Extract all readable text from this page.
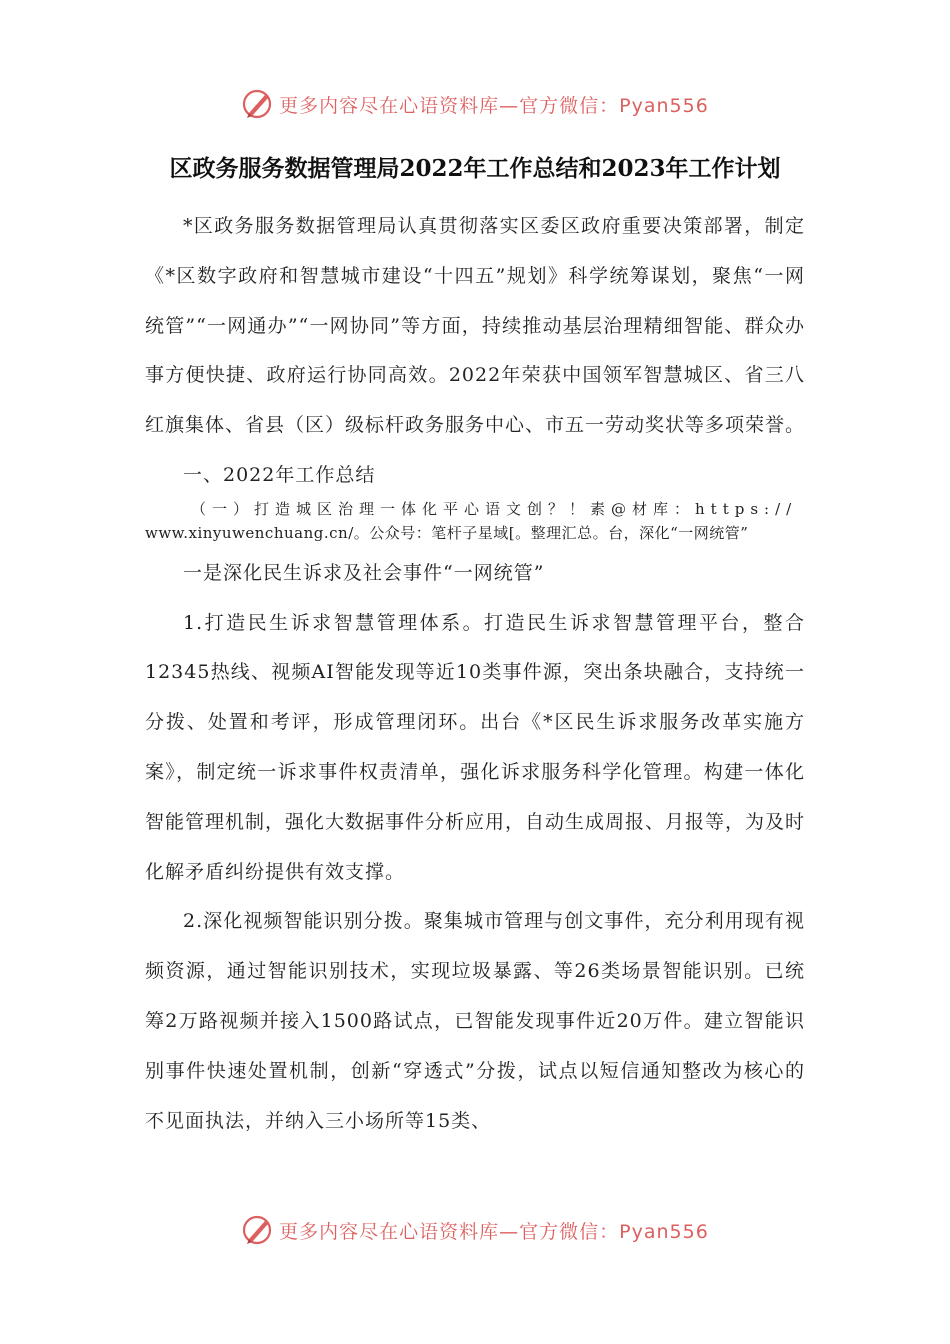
更多内容尽在心语资料库—官方微信：Pyan556
区政务服务数据管理局2022年工作总结和2023年工作计划

*区政务服务数据管理局认真贯彻落实区委区政府重要决策部署，制定《*区数字政府和智慧城市建设“十四五”规划》科学统筹谋划，聚焦“一网统管”“一网通办”“一网协同”等方面，持续推动基层治理精细智能、群众办事方便快捷、政府运行协同高效。2022年荣获中国领军智慧城区、省三八红旗集体、省县（区）级标杆政务服务中心、市五一劳动奖状等多项荣誉。

一、2022年工作总结

（一）打造城区治理一体化平心语文创？！素@材库：https://

www.xinyuwenchuang.cn/。公众号：笔杆子星域[。整理汇总。台，深化“一网统管”

一是深化民生诉求及社会事件“一网统管”

1.打造民生诉求智慧管理体系。打造民生诉求智慧管理平台，整合12345热线、视频AI智能发现等近10类事件源，突出条块融合，支持统一分拨、处置和考评，形成管理闭环。出台《*区民生诉求服务改革实施方案》，制定统一诉求事件权责清单，强化诉求服务科学化管理。构建一体化智能管理机制，强化大数据事件分析应用，自动生成周报、月报等，为及时化解矛盾纠纷提供有效支撑。

2.深化视频智能识别分拨。聚集城市管理与创文事件，充分利用现有视频资源，通过智能识别技术，实现垃圾暴露、等26类场景智能识别。已统筹2万路视频并接入1500路试点，已智能发现事件近20万件。建立智能识别事件快速处置机制，创新“穿透式”分拨，试点以短信通知整改为核心的不见面执法，并纳入三小场所等15类、

更多内容尽在心语资料库—官方微信：Pyan556
